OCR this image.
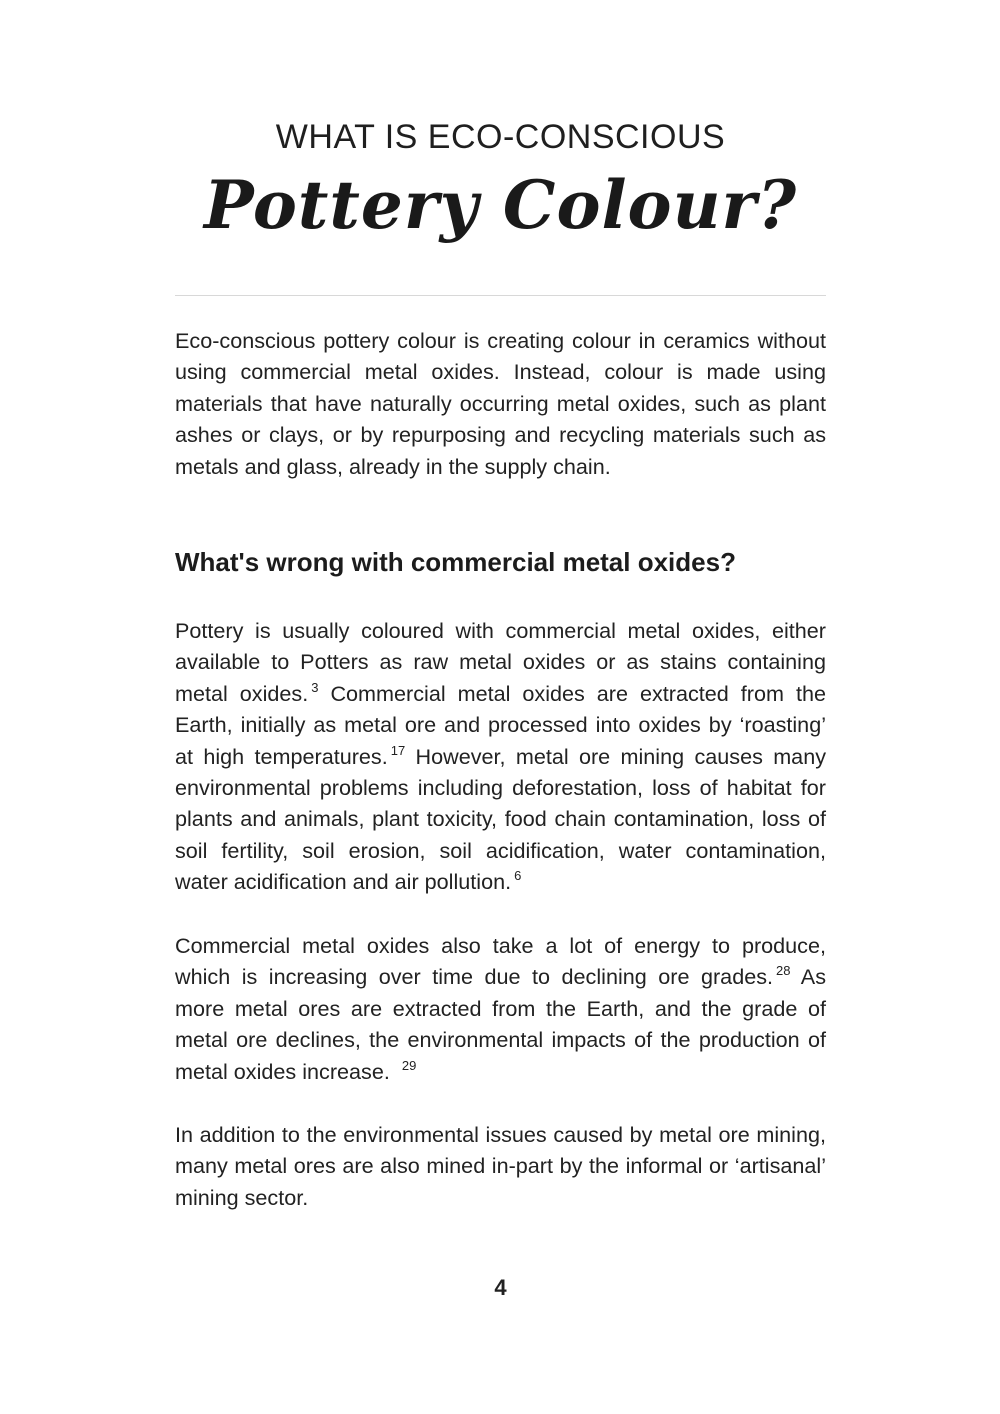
WHAT IS ECO-CONSCIOUS
Pottery Colour?

Eco-conscious pottery colour is creating colour in ceramics without using commercial metal oxides. Instead, colour is made using materials that have naturally occurring metal oxides, such as plant ashes or clays, or by repurposing and recycling materials such as metals and glass, already in the supply chain.

What's wrong with commercial metal oxides?

Pottery is usually coloured with commercial metal oxides, either available to Potters as raw metal oxides or as stains containing metal oxides. $^3$ Commercial metal oxides are extracted from the Earth, initially as metal ore and processed into oxides by ‘roasting’ at high temperatures. $^{17}$ However, metal ore mining causes many environmental problems including deforestation, loss of habitat for plants and animals, plant toxicity, food chain contamination, loss of soil fertility, soil erosion, soil acidification, water contamination, water acidification and air pollution. $^6$

Commercial metal oxides also take a lot of energy to produce, which is increasing over time due to declining ore grades. $^{28}$ As more metal ores are extracted from the Earth, and the grade of metal ore declines, the environmental impacts of the production of metal oxides increase. $^{29}$

In addition to the environmental issues caused by metal ore mining, many metal ores are also mined in-part by the informal or ‘artisanal’ mining sector.

4
